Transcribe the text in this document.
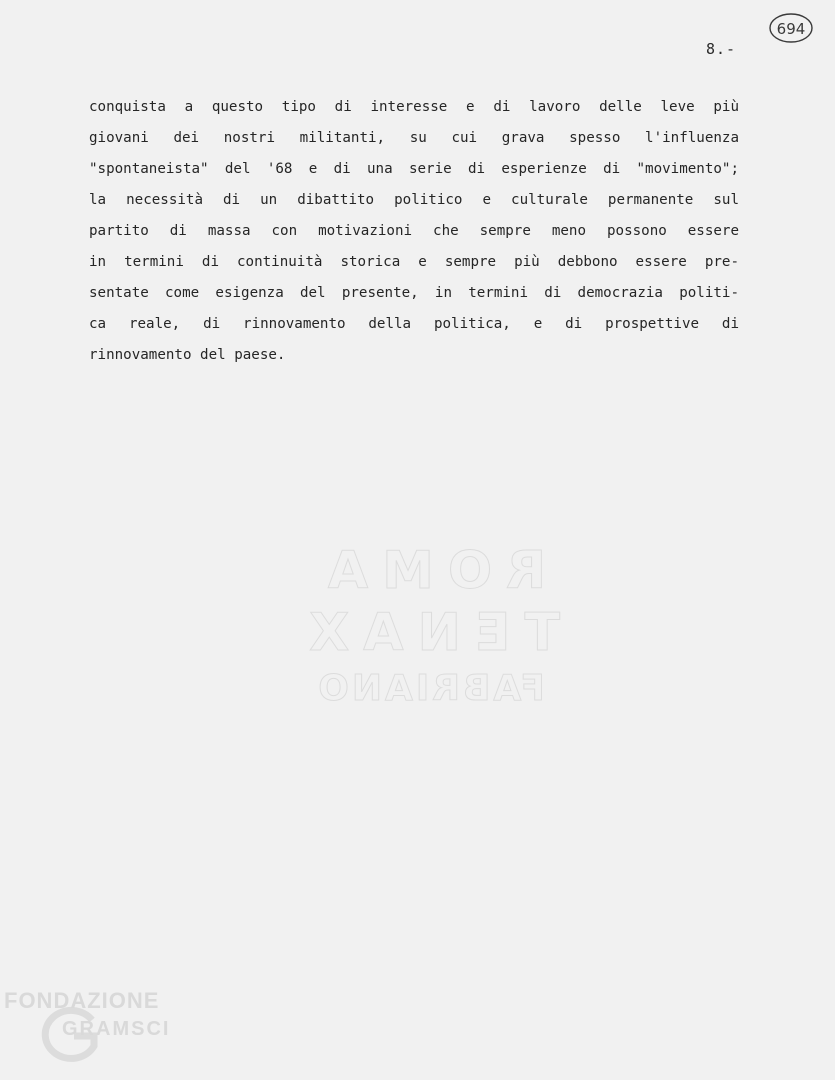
694
8.-
ROMA
TENAX
FABRIANO
conquista a questo tipo di interesse e di lavoro delle leve più
giovani dei nostri militanti, su cui grava spesso l'influenza
"spontaneista" del '68 e di una serie di esperienze di "movimento";
la necessità di un dibattito politico e culturale permanente sul
partito di massa con motivazioni che sempre meno possono essere
in termini di continuità storica e sempre più debbono essere pre-
sentate come esigenza del presente, in termini di democrazia politi-
ca reale, di rinnovamento della politica, e di prospettive di
rinnovamento del paese.
FONDAZIONE
GRAMSCI
